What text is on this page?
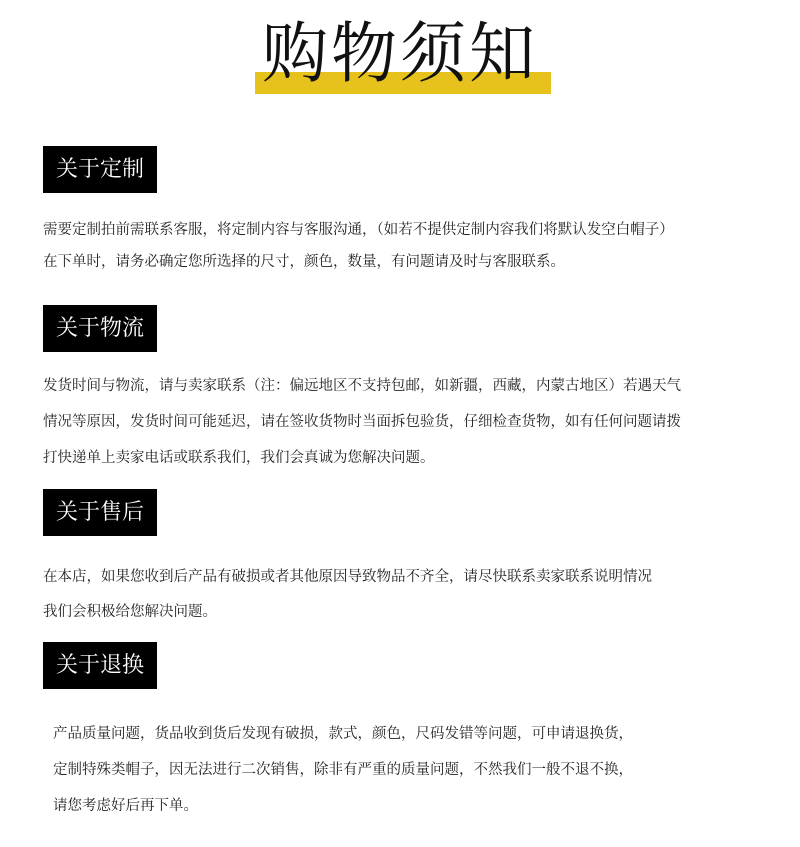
购物须知
关于定制
需要定制拍前需联系客服，将定制内容与客服沟通，（如若不提供定制内容我们将默认发空白帽子）
在下单时，请务必确定您所选择的尺寸，颜色，数量，有问题请及时与客服联系。
关于物流
发货时间与物流，请与卖家联系（注：偏远地区不支持包邮，如新疆，西藏，内蒙古地区）若遇天气
情况等原因，发货时间可能延迟，请在签收货物时当面拆包验货，仔细检查货物，如有任何问题请拨
打快递单上卖家电话或联系我们，我们会真诚为您解决问题。
关于售后
在本店，如果您收到后产品有破损或者其他原因导致物品不齐全，请尽快联系卖家联系说明情况
我们会积极给您解决问题。
关于退换
产品质量问题，货品收到货后发现有破损，款式，颜色，尺码发错等问题，可申请退换货，
定制特殊类帽子，因无法进行二次销售，除非有严重的质量问题，不然我们一般不退不换，
请您考虑好后再下单。
